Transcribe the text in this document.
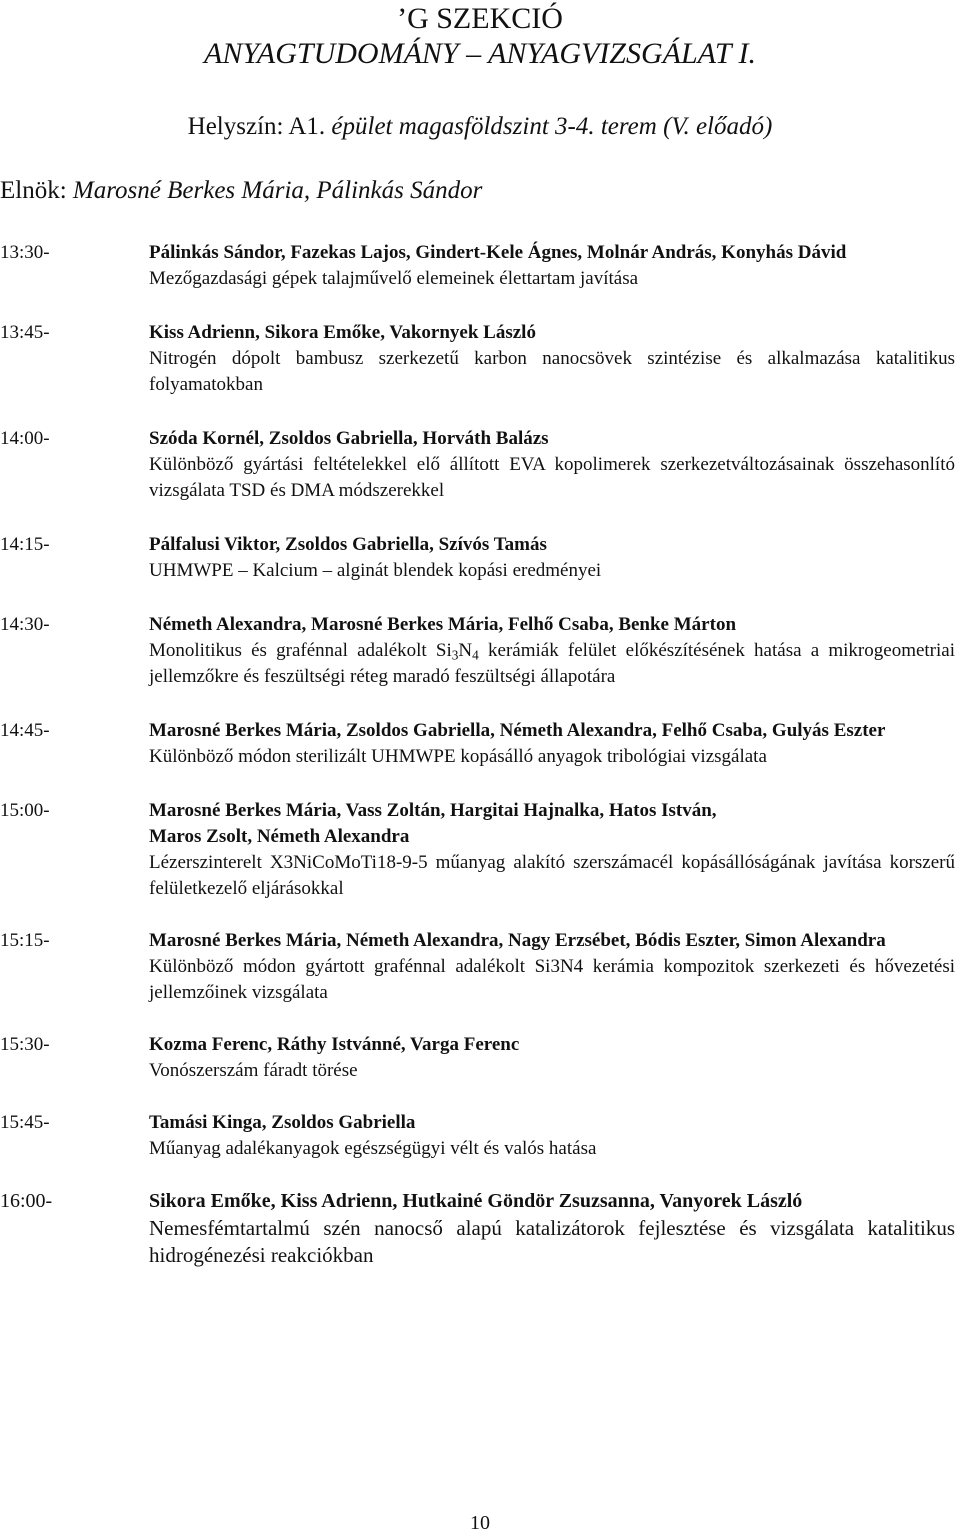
’G SZEKCIÓ
ANYAGTUDOMÁNY – ANYAGVIZSGÁLAT I.
Helyszín: A1. épület magasföldszint 3-4. terem (V. előadó)
Elnök: Marosné Berkes Mária, Pálinkás Sándor
13:30-	Pálinkás Sándor, Fazekas Lajos, Gindert-Kele Ágnes, Molnár András, Konyhás Dávid
Mezőgazdasági gépek talajművelő elemeinek élettartam javítása
13:45-	Kiss Adrienn, Sikora Emőke, Vakornyek László
Nitrogén dópolt bambusz szerkezetű karbon nanocsövek szintézise és alkalmazása katalitikus folyamatokban
14:00-	Szóda Kornél, Zsoldos Gabriella, Horváth Balázs
Különböző gyártási feltételekkel elő állított EVA kopolimerek szerkezetváltozásainak összehasonlító vizsgálata TSD és DMA módszerekkel
14:15-	Pálfalusi Viktor, Zsoldos Gabriella, Szívós Tamás
UHMWPE – Kalcium – alginát blendek kopási eredményei
14:30-	Németh Alexandra, Marosné Berkes Mária, Felhő Csaba, Benke Márton
Monolitikus és grafénnal adalékolt $Si_3N_4$ kerámiák felület előkészítésének hatása a mikrogeometriai jellemzőkre és feszültségi réteg maradó feszültségi állapotára
14:45-	Marosné Berkes Mária, Zsoldos Gabriella, Németh Alexandra, Felhő Csaba, Gulyás Eszter
Különböző módon sterilizált UHMWPE kopásálló anyagok tribológiai vizsgálata
15:00-	Marosné Berkes Mária, Vass Zoltán, Hargitai Hajnalka, Hatos István,
Maros Zsolt, Németh Alexandra
Lézerszinterelt X3NiCoMoTi18-9-5 műanyag alakító szerszámacél kopásállóságának javítása korszerű felületkezelő eljárásokkal
15:15-	Marosné Berkes Mária, Németh Alexandra, Nagy Erzsébet, Bódis Eszter, Simon Alexandra
Különböző módon gyártott grafénnal adalékolt Si3N4 kerámia kompozitok szerkezeti és hővezetési jellemzőinek vizsgálata
15:30-	Kozma Ferenc, Ráthy Istvánné, Varga Ferenc
Vonószerszám fáradt törése
15:45-	Tamási Kinga, Zsoldos Gabriella
Műanyag adalékanyagok egészségügyi vélt és valós hatása
16:00-	Sikora Emőke, Kiss Adrienn, Hutkainé Göndör Zsuzsanna, Vanyorek László
Nemesfémtartalmú szén nanocső alapú katalizátorok fejlesztése és vizsgálata katalitikus hidrogénezési reakciókban
10
